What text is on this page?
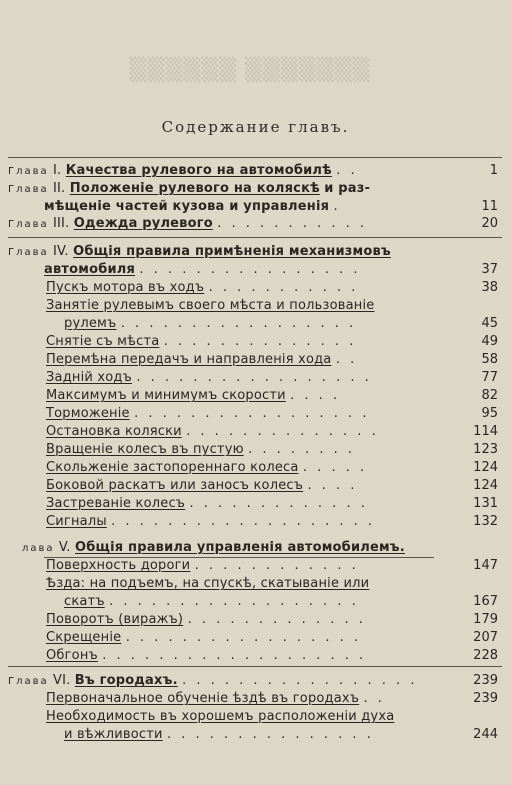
▒▒▒▒▒▒ ▒▒▒▒▒▒▒
Содержание главъ.
Глава I. Качества рулевого на автомобилѣ . .	1
Глава II. Положеніе рулевого на коляскѣ и раз-
мѣщеніе частей кузова и управленія .	11
Глава III. Одежда рулевого . . . . . . . . . . .	20
Глава IV. Общія правила примѣненія механизмовъ
автомобиля . . . . . . . . . . . . . . . .	37
Пускъ мотора въ ходъ . . . . . . . . . . .	38
Занятіе рулевымъ своего мѣста и пользованіе
рулемъ . . . . . . . . . . . . . . . . .	45
Снятіе съ мѣста . . . . . . . . . . . . . .	49
Перемѣна передачъ и направленія хода . .	58
Задній ходъ . . . . . . . . . . . . . . . . .	77
Максимумъ и минимумъ скорости . . . .	82
Торможеніе . . . . . . . . . . . . . . . . .	95
Остановка коляски . . . . . . . . . . . . . .	114
Вращеніе колесъ въ пустую . . . . . . . .	123
Скольженіе застопореннаго колеса . . . . .	124
Боковой раскатъ или заносъ колесъ . . . .	124
Застреваніе колесъ . . . . . . . . . . . . .	131
Сигналы . . . . . . . . . . . . . . . . . . .	132
лава V. Общія правила управленія автомобилемъ.
Поверхность дороги . . . . . . . . . . . .	147
Ѣзда: на подъемъ, на спускѣ, скатываніе или
скатъ . . . . . . . . . . . . . . . . . .	167
Поворотъ (виражъ) . . . . . . . . . . . . .	179
Скрещеніе . . . . . . . . . . . . . . . . .	207
Обгонъ . . . . . . . . . . . . . . . . . . .	228
Глава VI. Въ городахъ. . . . . . . . . . . . . . . . . .	239
Первоначальное обученіе ѣздѣ въ городахъ . .	239
Необходимость въ хорошемъ расположеніи духа
и вѣжливости . . . . . . . . . . . . . . .	244
